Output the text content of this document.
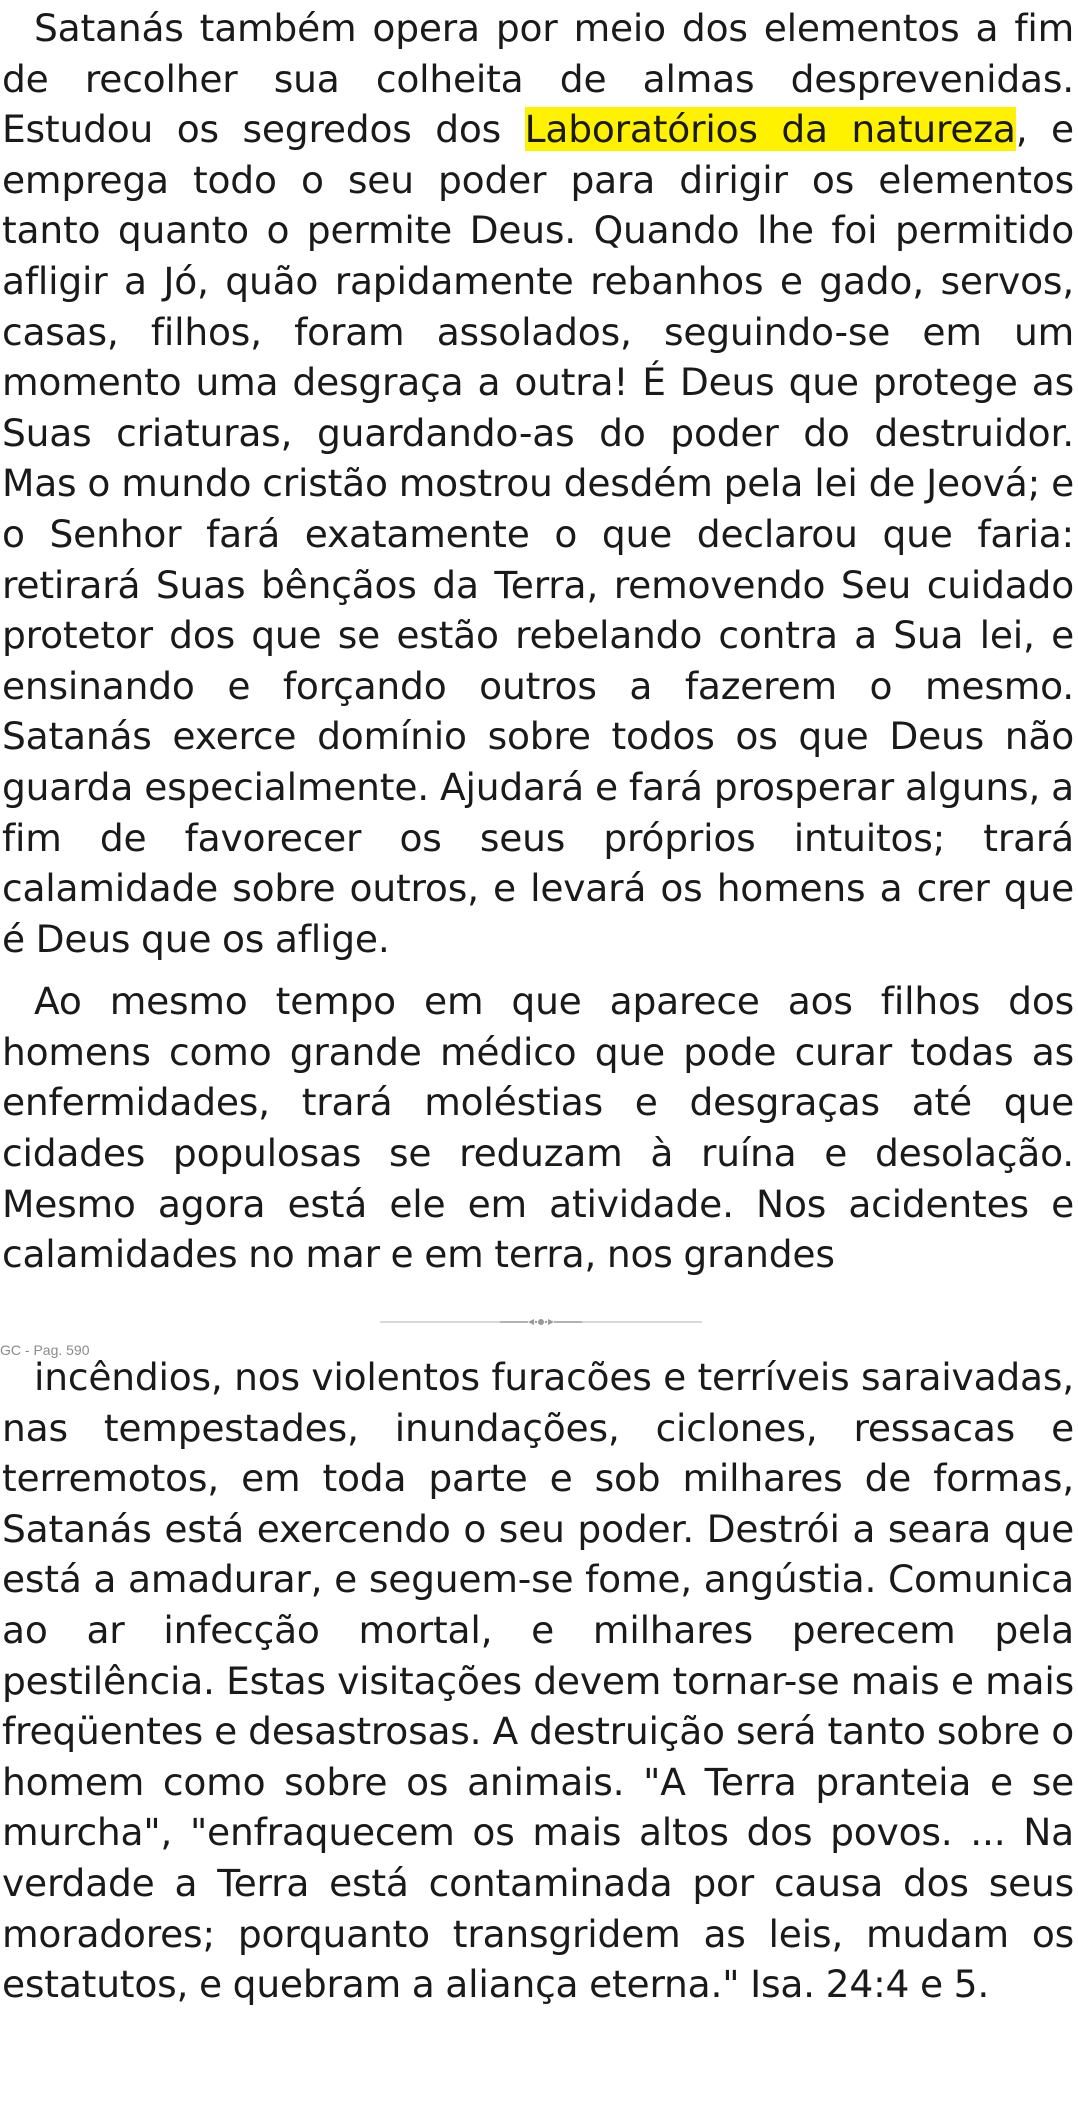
Satanás também opera por meio dos elementos a fim de recolher sua colheita de almas desprevenidas. Estudou os segredos dos Laboratórios da natureza, e emprega todo o seu poder para dirigir os elementos tanto quanto o permite Deus. Quando lhe foi permitido afligir a Jó, quão rapidamente rebanhos e gado, servos, casas, filhos, foram assolados, seguindo-se em um momento uma desgraça a outra! É Deus que protege as Suas criaturas, guardando-as do poder do destruidor. Mas o mundo cristão mostrou desdém pela lei de Jeová; e o Senhor fará exatamente o que declarou que faria: retirará Suas bênçãos da Terra, removendo Seu cuidado protetor dos que se estão rebelando contra a Sua lei, e ensinando e forçando outros a fazerem o mesmo. Satanás exerce domínio sobre todos os que Deus não guarda especialmente. Ajudará e fará prosperar alguns, a fim de favorecer os seus próprios intuitos; trará calamidade sobre outros, e levará os homens a crer que é Deus que os aflige.

Ao mesmo tempo em que aparece aos filhos dos homens como grande médico que pode curar todas as enfermidades, trará moléstias e desgraças até que cidades populosas se reduzam à ruína e desolação. Mesmo agora está ele em atividade. Nos acidentes e calamidades no mar e em terra, nos grandes

GC - Pag. 590

incêndios, nos violentos furacões e terríveis saraivadas, nas tempestades, inundações, ciclones, ressacas e terremotos, em toda parte e sob milhares de formas, Satanás está exercendo o seu poder. Destrói a seara que está a amadurar, e seguem-se fome, angústia. Comunica ao ar infecção mortal, e milhares perecem pela pestilência. Estas visitações devem tornar-se mais e mais freqüentes e desastrosas. A destruição será tanto sobre o homem como sobre os animais. "A Terra pranteia e se murcha", "enfraquecem os mais altos dos povos. ... Na verdade a Terra está contaminada por causa dos seus moradores; porquanto transgridem as leis, mudam os estatutos, e quebram a aliança eterna." Isa. 24:4 e 5.
